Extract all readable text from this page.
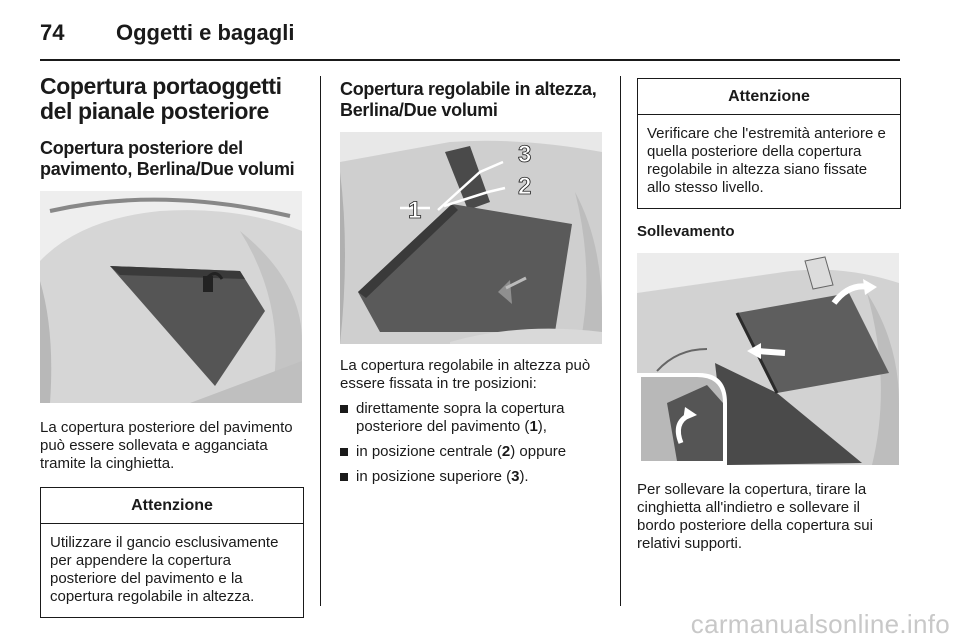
74 Oggetti e bagagli
Copertura portaoggetti del pianale posteriore
Copertura posteriore del pavimento, Berlina/Due volumi

La copertura posteriore del pavimento può essere sollevata e agganciata tramite la cinghietta.

Attenzione
Utilizzare il gancio esclusivamente per appendere la copertura posteriore del pavimento e la copertura regolabile in altezza.
Copertura regolabile in altezza, Berlina/Due volumi
1
2
3

La copertura regolabile in altezza può essere fissata in tre posizioni:

direttamente sopra la copertura posteriore del pavimento (1),
in posizione centrale (2) oppure
in posizione superiore (3).
Attenzione
Verificare che l'estremità anteriore e quella posteriore della copertura regolabile in altezza siano fissate allo stesso livello.
Sollevamento

Per sollevare la copertura, tirare la cinghietta all'indietro e sollevare il bordo posteriore della copertura sui relativi supporti.

carmanualsonline.info
